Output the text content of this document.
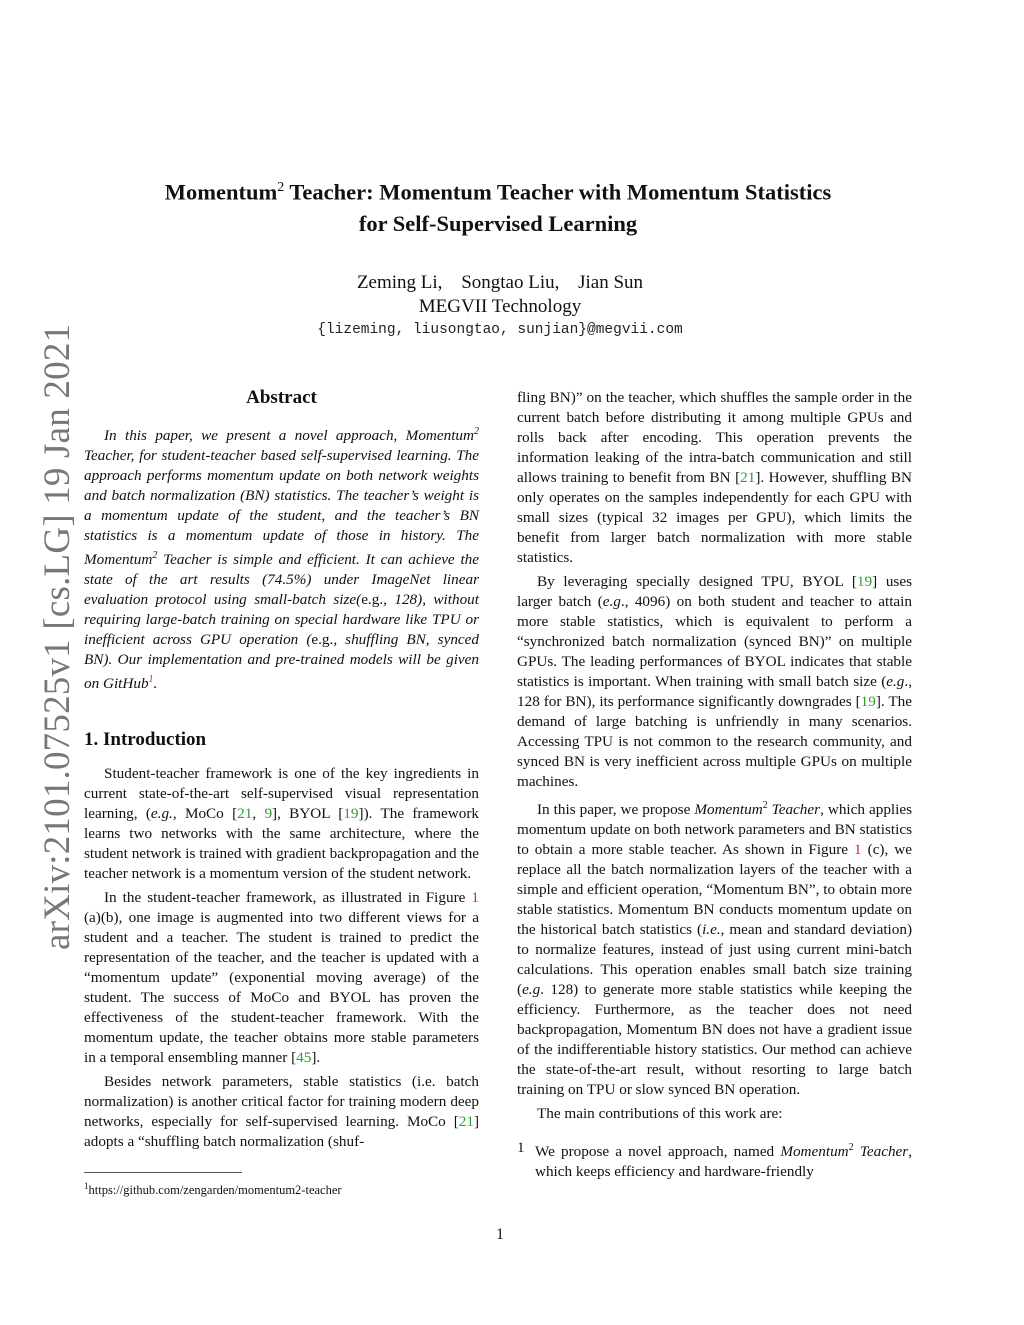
arXiv:2101.07525v1 [cs.LG] 19 Jan 2021
Momentum$^2$ Teacher: Momentum Teacher with Momentum Statistics
for Self-Supervised Learning
Zeming Li, Songtao Liu, Jian Sun
MEGVII Technology
{lizeming, liusongtao, sunjian}@megvii.com
Abstract

In this paper, we present a novel approach, Momentum$^2$ Teacher, for student-teacher based self-supervised learning. The approach performs momentum update on both network weights and batch normalization (BN) statistics. The teacher’s weight is a momentum update of the student, and the teacher’s BN statistics is a momentum update of those in history. The Momentum$^2$ Teacher is simple and efficient. It can achieve the state of the art results (74.5%) under ImageNet linear evaluation protocol using small-batch size(e.g., 128), without requiring large-batch training on special hardware like TPU or inefficient across GPU operation (e.g., shuffling BN, synced BN). Our implementation and pre-trained models will be given on GitHub$^1$.

1. Introduction

Student-teacher framework is one of the key ingredients in current state-of-the-art self-supervised visual representation learning, (e.g., MoCo [21, 9], BYOL [19]). The framework learns two networks with the same architecture, where the student network is trained with gradient backpropagation and the teacher network is a momentum version of the student network.

In the student-teacher framework, as illustrated in Figure 1 (a)(b), one image is augmented into two different views for a student and a teacher. The student is trained to predict the representation of the teacher, and the teacher is updated with a “momentum update” (exponential moving average) of the student. The success of MoCo and BYOL has proven the effectiveness of the student-teacher framework. With the momentum update, the teacher obtains more stable parameters in a temporal ensembling manner [45].

Besides network parameters, stable statistics (i.e. batch normalization) is another critical factor for training modern deep networks, especially for self-supervised learning. MoCo [21] adopts a “shuffling batch normalization (shuf-

$^1$https://github.com/zengarden/momentum2-teacher

fling BN)” on the teacher, which shuffles the sample order in the current batch before distributing it among multiple GPUs and rolls back after encoding. This operation prevents the information leaking of the intra-batch communication and still allows training to benefit from BN [21]. However, shuffling BN only operates on the samples independently for each GPU with small sizes (typical 32 images per GPU), which limits the benefit from larger batch normalization with more stable statistics.

By leveraging specially designed TPU, BYOL [19] uses larger batch (e.g., 4096) on both student and teacher to attain more stable statistics, which is equivalent to perform a “synchronized batch normalization (synced BN)” on multiple GPUs. The leading performances of BYOL indicates that stable statistics is important. When training with small batch size (e.g., 128 for BN), its performance significantly downgrades [19]. The demand of large batching is unfriendly in many scenarios. Accessing TPU is not common to the research community, and synced BN is very inefficient across multiple GPUs on multiple machines.

In this paper, we propose Momentum$^2$ Teacher, which applies momentum update on both network parameters and BN statistics to obtain a more stable teacher. As shown in Figure 1 (c), we replace all the batch normalization layers of the teacher with a simple and efficient operation, “Momentum BN”, to obtain more stable statistics. Momentum BN conducts momentum update on the historical batch statistics (i.e., mean and standard deviation) to normalize features, instead of just using current mini-batch calculations. This operation enables small batch size training (e.g. 128) to generate more stable statistics while keeping the efficiency. Furthermore, as the teacher does not need backpropagation, Momentum BN does not have a gradient issue of the indifferentiable history statistics. Our method can achieve the state-of-the-art result, without resorting to large batch training on TPU or slow synced BN operation.

The main contributions of this work are:

1 We propose a novel approach, named Momentum$^2$ Teacher, which keeps efficiency and hardware-friendly

1
